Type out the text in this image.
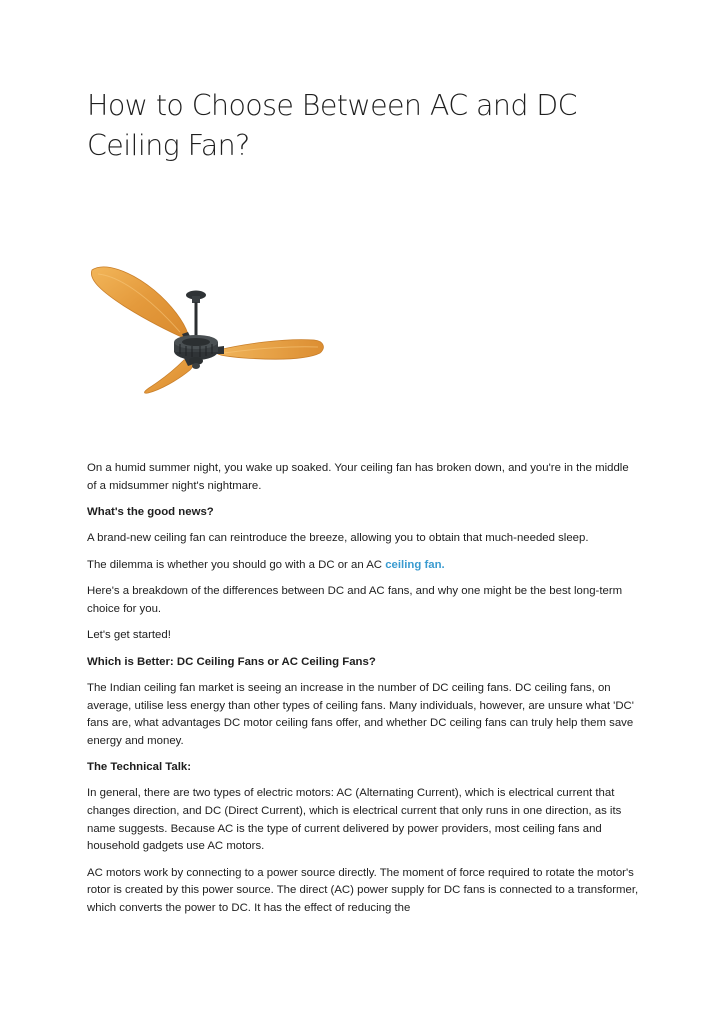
How to Choose Between AC and DC Ceiling Fan?

On a humid summer night, you wake up soaked. Your ceiling fan has broken down, and you're in the middle of a midsummer night's nightmare.

What's the good news?

A brand-new ceiling fan can reintroduce the breeze, allowing you to obtain that much-needed sleep.

The dilemma is whether you should go with a DC or an AC ceiling fan.

Here's a breakdown of the differences between DC and AC fans, and why one might be the best long-term choice for you.

Let's get started!

Which is Better: DC Ceiling Fans or AC Ceiling Fans?

The Indian ceiling fan market is seeing an increase in the number of DC ceiling fans. DC ceiling fans, on average, utilise less energy than other types of ceiling fans. Many individuals, however, are unsure what 'DC' fans are, what advantages DC motor ceiling fans offer, and whether DC ceiling fans can truly help them save energy and money.

The Technical Talk:

In general, there are two types of electric motors: AC (Alternating Current), which is electrical current that changes direction, and DC (Direct Current), which is electrical current that only runs in one direction, as its name suggests. Because AC is the type of current delivered by power providers, most ceiling fans and household gadgets use AC motors.

AC motors work by connecting to a power source directly. The moment of force required to rotate the motor's rotor is created by this power source. The direct (AC) power supply for DC fans is connected to a transformer, which converts the power to DC. It has the effect of reducing the
